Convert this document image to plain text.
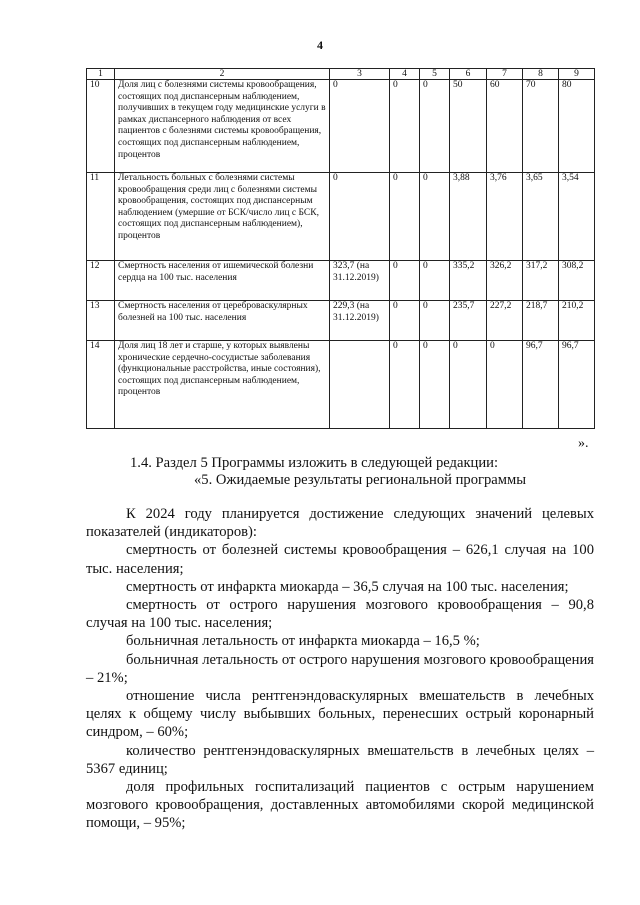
4
1	2	3	4	5	6	7	8	9
10	Доля лиц с болезнями системы кровообращения, состоящих под диспансерным наблюдением, получивших в текущем году медицинские услуги в рамках диспансерного наблюдения от всех пациентов с болезнями системы кровообращения, состоящих под диспансерным наблюдением, процентов	0	0	0	50	60	70	80
11	Летальность больных с болезнями системы кровообращения среди лиц с болезнями системы кровообращения, состоящих под диспансерным наблюдением (умершие от БСК/число лиц с БСК, состоящих под диспансерным наблюдением), процентов	0	0	0	3,88	3,76	3,65	3,54
12	Смертность населения от ишемической болезни сердца на 100 тыс. населения	323,7 (на 31.12.2019)	0	0	335,2	326,2	317,2	308,2
13	Смертность населения от цереброваскулярных болезней на 100 тыс. населения	229,3 (на 31.12.2019)	0	0	235,7	227,2	218,7	210,2
14	Доля лиц 18 лет и старше, у которых выявлены хронические сердечно-сосудистые заболевания (функциональные расстройства, иные состояния), состоящих под диспансерным наблюдением, процентов		0	0	0	0	96,7	96,7
».
1.4. Раздел 5 Программы изложить в следующей редакции:
«5. Ожидаемые результаты региональной программы

К 2024 году планируется достижение следующих значений целевых показателей (индикаторов):

смертность от болезней системы кровообращения – 626,1 случая на 100 тыс. населения;

смертность от инфаркта миокарда – 36,5 случая на 100 тыс. населения;

смертность от острого нарушения мозгового кровообращения – 90,8 случая на 100 тыс. населения;

больничная летальность от инфаркта миокарда – 16,5 %;

больничная летальность от острого нарушения мозгового кровообращения – 21%;

отношение числа рентгенэндоваскулярных вмешательств в лечебных целях к общему числу выбывших больных, перенесших острый коронарный синдром, – 60%;

количество рентгенэндоваскулярных вмешательств в лечебных целях – 5367 единиц;

доля профильных госпитализаций пациентов с острым нарушением мозгового кровообращения, доставленных автомобилями скорой медицинской помощи, – 95%;
